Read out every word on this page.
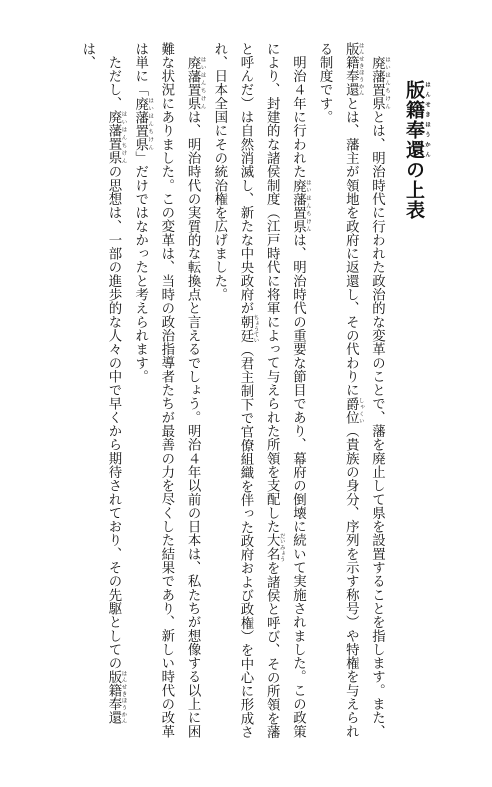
版籍奉還 はんせきほうかんの上表

　廃藩置県 はいはんちけんとは、明治時代に行われた政治的な変革のことで、藩を廃止して県を設置することを指します。また、版籍奉還 はんせきほうかんとは、藩主が領地を政府に返還し、その代わりに爵位 しゃくい（貴族の身分、序列を示す称号）や特権を与えられる制度です。

　明治４年に行われた廃藩置県 はいはんちけんは、明治時代の重要な節目であり、幕府の倒壊に続いて実施されました。この政策により、封建的な諸侯制度（江戸時代に将軍によって与えられた所領を支配した大名 だいみょうを諸侯と呼び、その所領を藩と呼んだ）は自然消滅し、新たな中央政府が朝廷 ちょうてい（君主制下で官僚組織を伴った政府および政権）を中心に形成され、日本全国にその統治権を広げました。

　廃藩置県 はいはんちけんは、明治時代の実質的な転換点と言えるでしょう。明治４年以前の日本は、私たちが想像する以上に困難な状況にありました。この変革は、当時の政治指導者たちが最善の力を尽くした結果であり、新しい時代の改革は単に「廃藩置県 はいはんちけん」だけではなかったと考えられます。

　ただし、廃藩置県 はいはんちけんの思想は、一部の進歩的な人々の中で早くから期待されており、その先駆としての版籍奉還 はんせきほうかんは、
